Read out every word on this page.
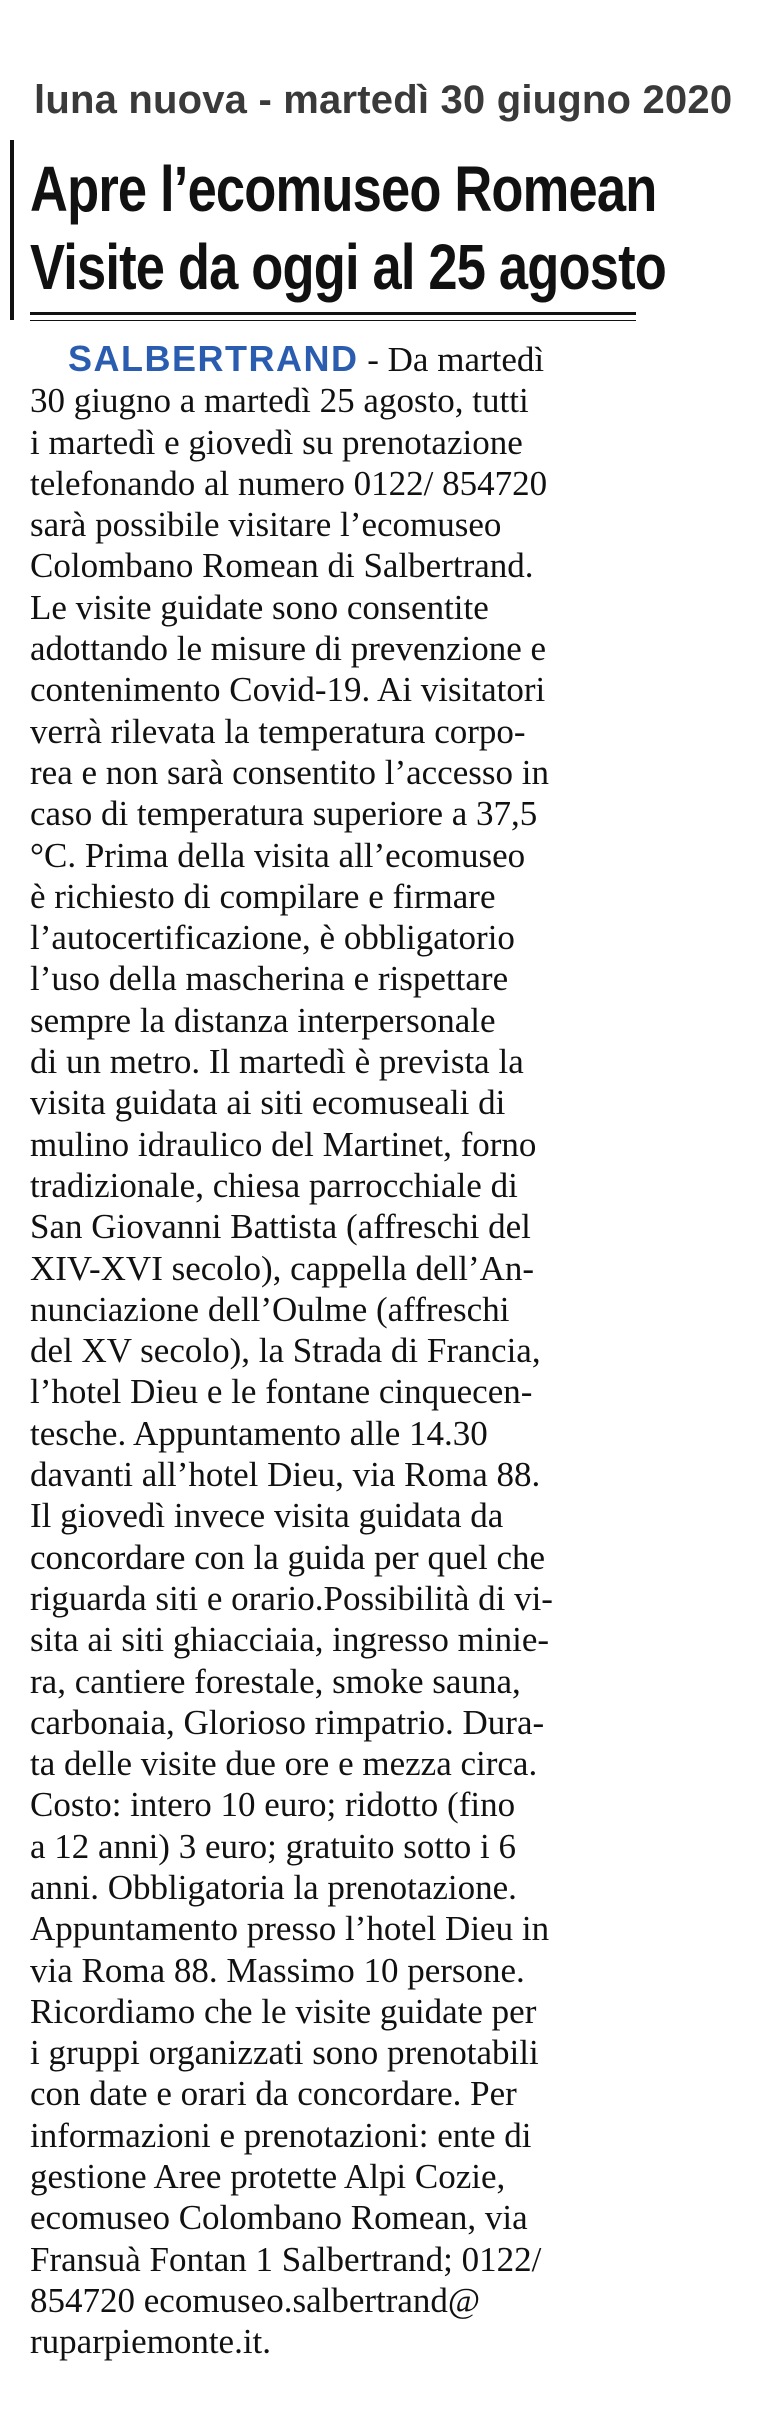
luna nuova - martedì 30 giugno 2020
Apre l’ecomuseo Romean
Visite da oggi al 25 agosto
SALBERTRAND - Da martedì
30 giugno a martedì 25 agosto, tutti
i martedì e giovedì su prenotazione
telefonando al numero 0122/ 854720
sarà possibile visitare l’ecomuseo
Colombano Romean di Salbertrand.
Le visite guidate sono consentite
adottando le misure di prevenzione e
contenimento Covid-19. Ai visitatori
verrà rilevata la temperatura corpo-
rea e non sarà consentito l’accesso in
caso di temperatura superiore a 37,5
°C. Prima della visita all’ecomuseo
è richiesto di compilare e firmare
l’autocertificazione, è obbligatorio
l’uso della mascherina e rispettare
sempre la distanza interpersonale
di un metro. Il martedì è prevista la
visita guidata ai siti ecomuseali di
mulino idraulico del Martinet, forno
tradizionale, chiesa parrocchiale di
San Giovanni Battista (affreschi del
XIV-XVI secolo), cappella dell’An-
nunciazione dell’Oulme (affreschi
del XV secolo), la Strada di Francia,
l’hotel Dieu e le fontane cinquecen-
tesche. Appuntamento alle 14.30
davanti all’hotel Dieu, via Roma 88.
Il giovedì invece visita guidata da
concordare con la guida per quel che
riguarda siti e orario.Possibilità di vi-
sita ai siti ghiacciaia, ingresso minie-
ra, cantiere forestale, smoke sauna,
carbonaia, Glorioso rimpatrio. Dura-
ta delle visite due ore e mezza circa.
Costo: intero 10 euro; ridotto (fino
a 12 anni) 3 euro; gratuito sotto i 6
anni. Obbligatoria la prenotazione.
Appuntamento presso l’hotel Dieu in
via Roma 88. Massimo 10 persone.
Ricordiamo che le visite guidate per
i gruppi organizzati sono prenotabili
con date e orari da concordare. Per
informazioni e prenotazioni: ente di
gestione Aree protette Alpi Cozie,
ecomuseo Colombano Romean, via
Fransuà Fontan 1 Salbertrand; 0122/
854720 ecomuseo.salbertrand@
ruparpiemonte.it.
